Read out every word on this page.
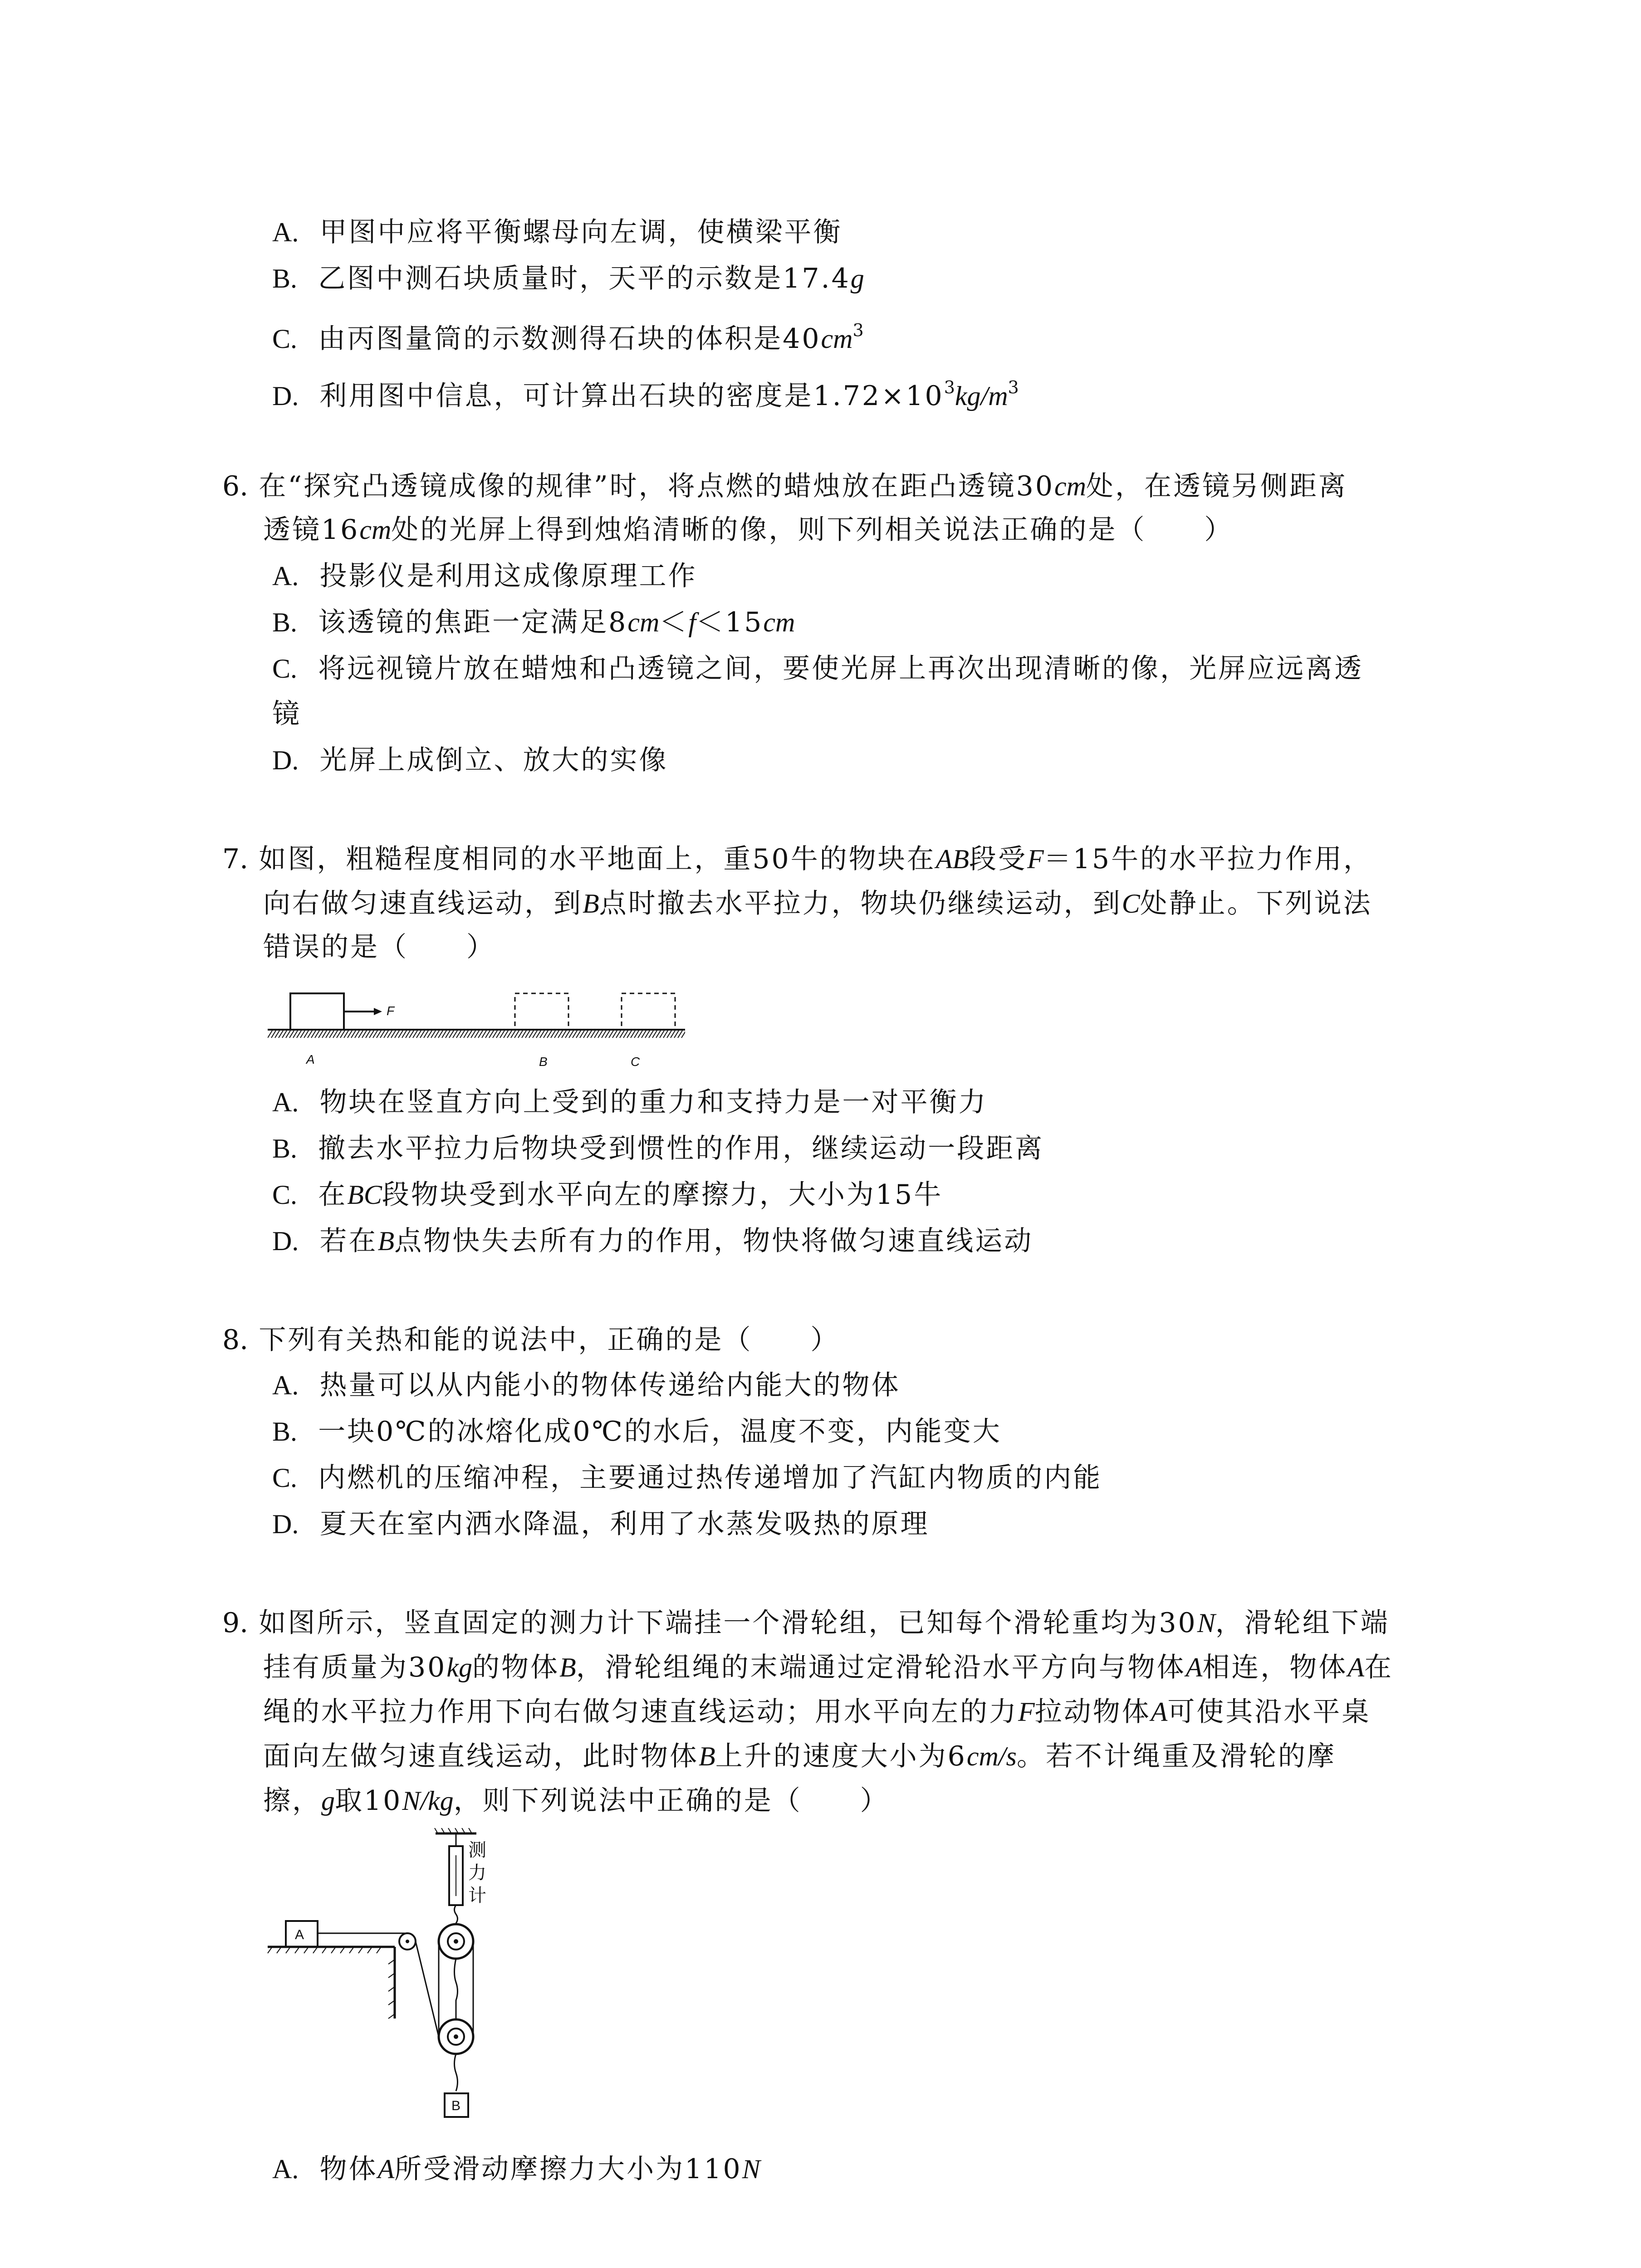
A. 甲图中应将平衡螺母向左调，使横梁平衡
B. 乙图中测石块质量时，天平的示数是17.4g
C. 由丙图量筒的示数测得石块的体积是$40cm^3$
D. 利用图中信息，可计算出石块的密度是$1.72\times 10^3kg/m^3$
6. 在“探究凸透镜成像的规律”时，将点燃的蜡烛放在距凸透镜30cm处，在透镜另侧距离
透镜16cm处的光屏上得到烛焰清晰的像，则下列相关说法正确的是（　　）
A. 投影仪是利用这成像原理工作
B. 该透镜的焦距一定满足8cm＜f＜15cm
C. 将远视镜片放在蜡烛和凸透镜之间，要使光屏上再次出现清晰的像，光屏应远离透
镜
D. 光屏上成倒立、放大的实像
7. 如图，粗糙程度相同的水平地面上，重50牛的物块在AB段受F＝15牛的水平拉力作用，
向右做匀速直线运动，到B点时撤去水平拉力，物块仍继续运动，到C处静止。下列说法
错误的是（　　）
F
A	B	C
A. 物块在竖直方向上受到的重力和支持力是一对平衡力
B. 撤去水平拉力后物块受到惯性的作用，继续运动一段距离
C. 在BC段物块受到水平向左的摩擦力，大小为15牛
D. 若在B点物快失去所有力的作用，物快将做匀速直线运动
8. 下列有关热和能的说法中，正确的是（　　）
A. 热量可以从内能小的物体传递给内能大的物体
B. 一块0℃的冰熔化成0℃的水后，温度不变，内能变大
C. 内燃机的压缩冲程，主要通过热传递增加了汽缸内物质的内能
D. 夏天在室内洒水降温，利用了水蒸发吸热的原理
9. 如图所示，竖直固定的测力计下端挂一个滑轮组，已知每个滑轮重均为30N，滑轮组下端
挂有质量为30kg的物体B，滑轮组绳的末端通过定滑轮沿水平方向与物体A相连，物体A在
绳的水平拉力作用下向右做匀速直线运动；用水平向左的力F拉动物体A可使其沿水平桌
面向左做匀速直线运动，此时物体B上升的速度大小为6cm/s。若不计绳重及滑轮的摩
擦，g取10N/kg，则下列说法中正确的是（　　）
测
力
计
B
A
A. 物体A所受滑动摩擦力大小为110N
